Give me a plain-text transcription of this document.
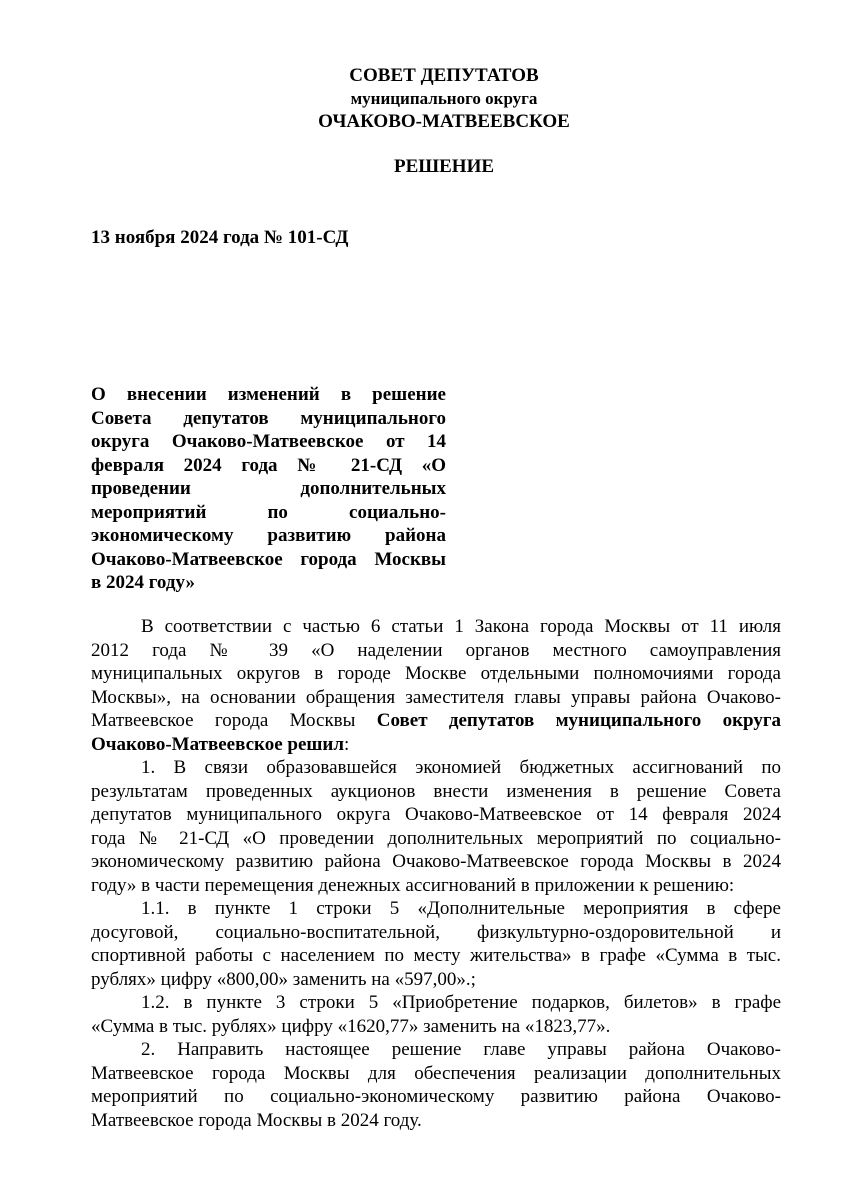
СОВЕТ ДЕПУТАТОВ
муниципального округа
ОЧАКОВО-МАТВЕЕВСКОЕ
РЕШЕНИЕ
13 ноября 2024 года № 101-СД
О внесении изменений в решение
Совета депутатов муниципального
округа Очаково-Матвеевское от 14
февраля 2024 года № 21-СД «О
проведении дополнительных
мероприятий по социально-
экономическому развитию района
Очаково-Матвеевское города Москвы
в 2024 году»
В соответствии с частью 6 статьи 1 Закона города Москвы от 11 июля
2012 года № 39 «О наделении органов местного самоуправления
муниципальных округов в городе Москве отдельными полномочиями города
Москвы», на основании обращения заместителя главы управы района Очаково-
Матвеевское города Москвы Совет депутатов муниципального округа
Очаково-Матвеевское решил:
1. В связи образовавшейся экономией бюджетных ассигнований по
результатам проведенных аукционов внести изменения в решение Совета
депутатов муниципального округа Очаково-Матвеевское от 14 февраля 2024
года № 21-СД «О проведении дополнительных мероприятий по социально-
экономическому развитию района Очаково-Матвеевскоe города Москвы в 2024
году» в части перемещения денежных ассигнований в приложении к решению:
1.1. в пункте 1 строки 5 «Дополнительные мероприятия в сфере
досуговой, социально-воспитательной, физкультурно-оздоровительной и
спортивной работы с населением по месту жительства» в графе «Сумма в тыс.
рублях» цифру «800,00» заменить на «597,00».;
1.2. в пункте 3 строки 5 «Приобретение подарков, билетов» в графе
«Сумма в тыс. рублях» цифру «1620,77» заменить на «1823,77».
2. Направить настоящее решение главе управы района Очаково-
Матвеевское города Москвы для обеспечения реализации дополнительных
мероприятий по социально-экономическому развитию района Очаково-
Матвеевское города Москвы в 2024 году.
